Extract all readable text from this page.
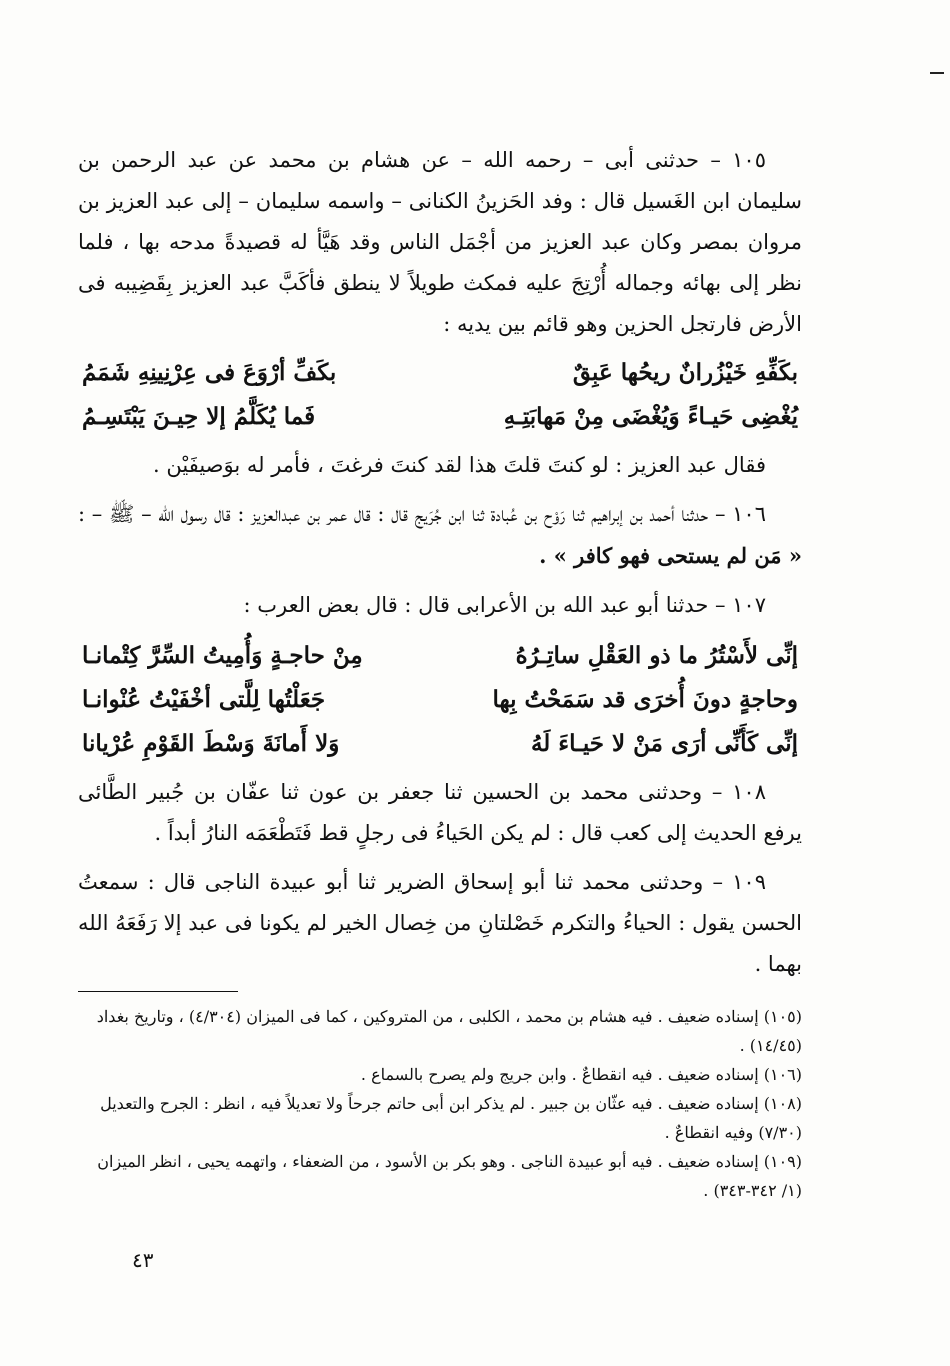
١٠٥ – حدثنى أبى – رحمه الله – عن هشام بن محمد عن عبد الرحمن بن سليمان ابن الغَسيل قال : وفد الحَزينُ الكنانى – واسمه سليمان – إلى عبد العزيز بن مروان بمصر وكان عبد العزيز من أجْمَل الناس وقد هَيَّأ له قصيدةً مدحه بها ، فلما نظر إلى بهائه وجماله أُرْتِجَ عليه فمكث طويلاً لا ينطق فأكَبَّ عبد العزيز بِقَضِيبه فى الأرض فارتجل الحزين وهو قائم بين يديه :

بكَفِّهِ خَيْزُرانٌ ريحُها عَبِقٌ
بكَفِّ أرْوَعَ فى عِرْنِينِهِ شَمَمُ
يُغْضِى حَيـاءً وَيُغْضَى مِنْ مَهابَتِـهِ
فَما يُكَلَّمُ إلا حِيـنَ يَبْتَسِـمُ

فقال عبد العزيز : لو كنتَ قلتَ هذا لقد كنتَ فرغتَ ، فأمر له بوَصيفَيْن .

١٠٦ – حدثنا أحمد بن إبراهيم ثنا رَوْح بن عُبادة ثنا ابن جُرَيج قال : قال عمر بن عبدالعزيز : قال رسول الله – ﷺ – : « مَن لم يستحى فهو كافر » .

١٠٧ – حدثنا أبو عبد الله بن الأعرابى قال : قال بعض العرب :

إنِّى لأَسْتُرُ ما ذو العَقْلِ ساتِـرُهُ
مِنْ حاجـةٍ وَأُمِيتُ السِّرَّ كِتْمانـا
وحاجةٍ دونَ أُخرَى قد سَمَحْتُ بِها
جَعَلْتُها لِلَّتى أخْفَيْتُ عُنْوانـا
إنِّى كَأَنِّى أرَى مَنْ لا حَيـاءَ لَهُ
وَلا أَمانَةَ وَسْطَ القَوْمِ عُرْيانا

١٠٨ – وحدثنى محمد بن الحسين ثنا جعفر بن عون ثنا عفّان بن جُبير الطَّائى يرفع الحديث إلى كعب قال : لم يكن الحَياءُ فى رجلٍ قط فَتَطْعَمَه النارُ أبداً .

١٠٩ – وحدثنى محمد ثنا أبو إسحاق الضرير ثنا أبو عبيدة الناجى قال : سمعتُ الحسن يقول : الحياءُ والتكرم خَصْلتانِ من خِصال الخير لم يكونا فى عبد إلا رَفَعَهُ الله بهما .

(١٠٥) إسناده ضعيف . فيه هشام بن محمد ، الكلبى ، من المتروكين ، كما فى الميزان (٤/٣٠٤) ، وتاريخ بغداد (١٤/٤٥) .

(١٠٦) إسناده ضعيف . فيه انقطاعٌ . وابن جريج ولم يصرح بالسماع .

(١٠٨) إسناده ضعيف . فيه عثّان بن جبير . لم يذكر ابن أبى حاتم جرحاً ولا تعديلاً فيه ، انظر : الجرح والتعديل (٧/٣٠) وفيه انقطاعٌ .

(١٠٩) إسناده ضعيف . فيه أبو عبيدة الناجى . وهو بكر بن الأسود ، من الضعفاء ، واتهمه يحيى ، انظر الميزان (١/ ٣٤٢-٣٤٣) .

٤٣
